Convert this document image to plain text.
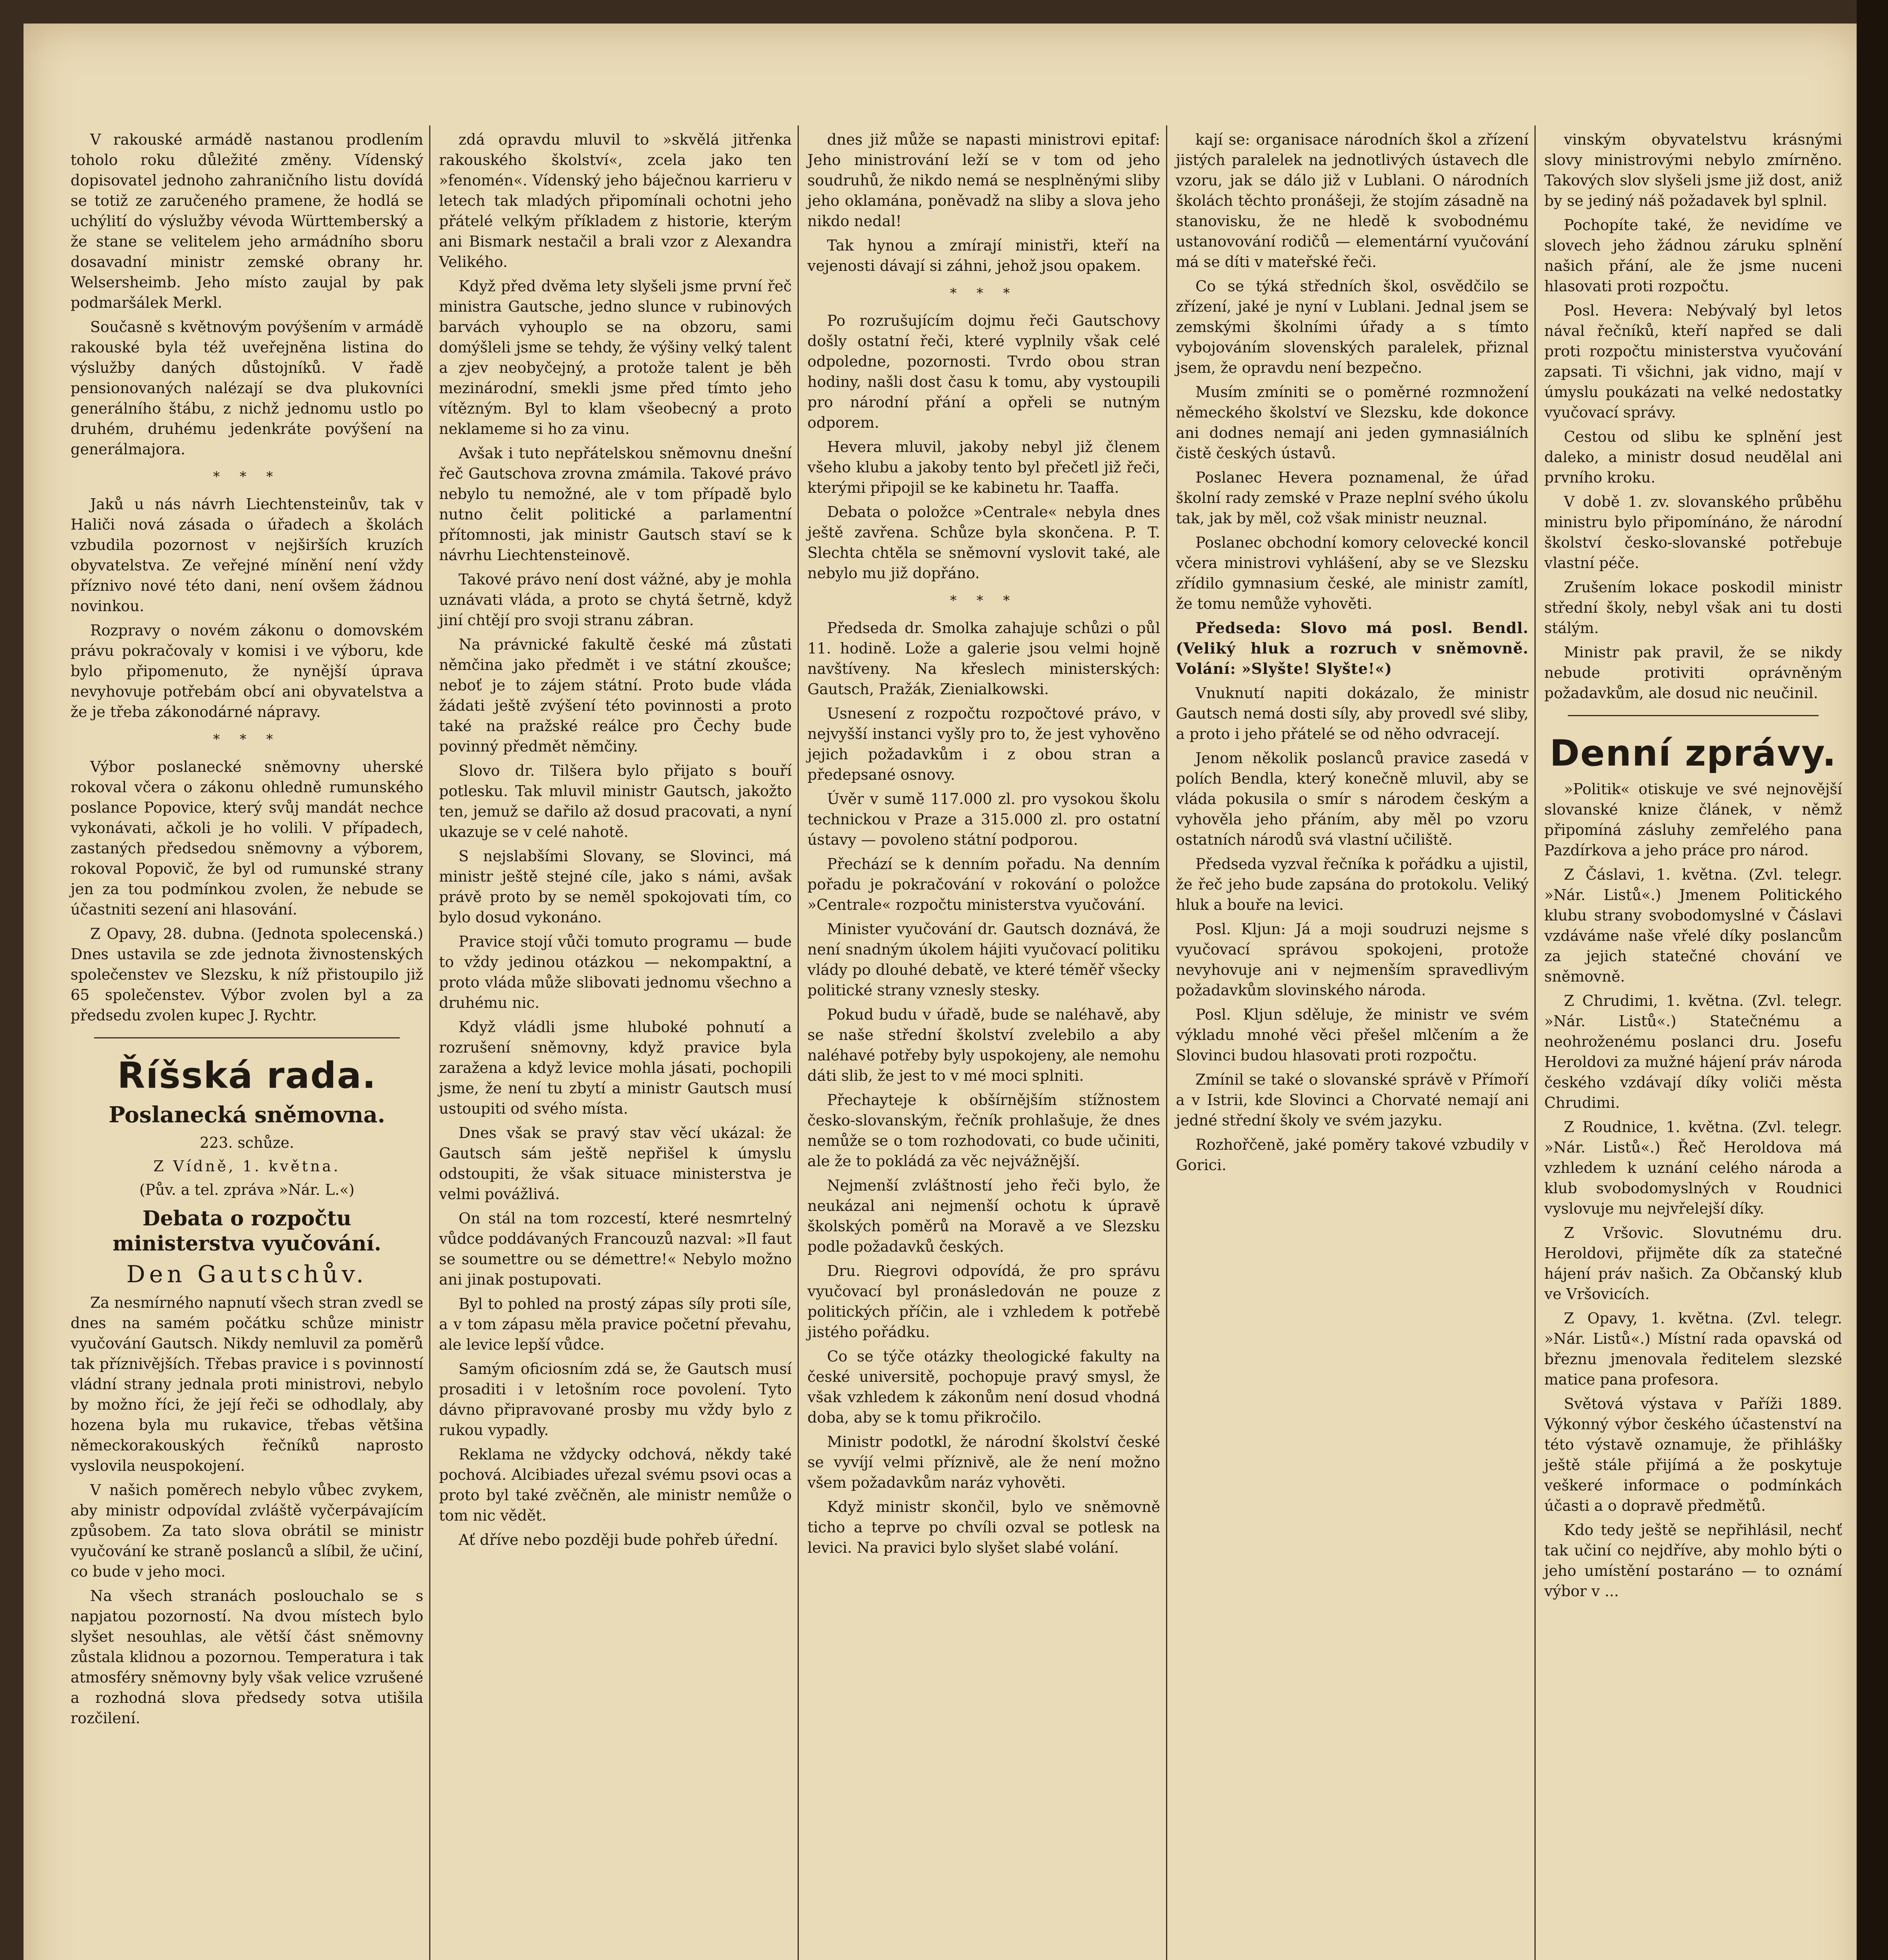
V rakouské armádě nastanou prodlením toholo roku důležité změny. Vídenský dopisovatel jednoho zahraničního listu dovídá se totiž ze zaručeného pramene, že hodlá se uchýlití do výslužby vévoda Württemberský a že stane se velitelem jeho armádního sboru dosavadní ministr zemské obrany hr. Welsersheimb. Jeho místo zaujal by pak podmaršálek Merkl.

Současně s květnovým povýšením v armádě rakouské byla též uveřejněna listina do výslužby daných důstojníků. V řadě pensionovaných nalézají se dva plukovníci generálního štábu, z nichž jednomu ustlo po druhém, druhému jedenkráte povýšení na generálmajora.

* * *

Jaků u nás návrh Liechtensteinův, tak v Haliči nová zásada o úřadech a školách vzbudila pozornost v nejširších kruzích obyvatelstva. Ze veřejné mínění není vždy příznivo nové této dani, není ovšem žádnou novinkou.

Rozpravy o novém zákonu o domovském právu pokračovaly v komisi i ve výboru, kde bylo připomenuto, že nynější úprava nevyhovuje potřebám obcí ani obyvatelstva a že je třeba zákonodárné nápravy.

* * *

Výbor poslanecké sněmovny uherské rokoval včera o zákonu ohledně rumunského poslance Popovice, který svůj mandát nechce vykonávati, ačkoli je ho volili. V případech, zastaných předsedou sněmovny a výborem, rokoval Popovič, že byl od rumunské strany jen za tou podmínkou zvolen, že nebude se účastniti sezení ani hlasování.

Z Opavy, 28. dubna. (Jednota spolecenská.) Dnes ustavila se zde jednota živnostenských společenstev ve Slezsku, k níž přistoupilo již 65 společenstev. Výbor zvolen byl a za předsedu zvolen kupec J. Rychtr.

Říšská rada.
Poslanecká sněmovna.
223. schůze.
Z Vídně, 1. května.
(Pův. a tel. zpráva »Nár. L.«)
Debata o rozpočtu ministerstva vyučování.
Den Gautschův.

Za nesmírného napnutí všech stran zvedl se dnes na samém počátku schůze ministr vyučování Gautsch. Nikdy nemluvil za poměrů tak příznivějších. Třebas pravice i s povinností vládní strany jednala proti ministrovi, nebylo by možno říci, že její řeči se odhodlaly, aby hozena byla mu rukavice, třebas většina německorakouských řečníků naprosto vyslovila neuspokojení.

V našich poměrech nebylo vůbec zvykem, aby ministr odpovídal zvláště vyčerpávajícím způsobem. Za tato slova obrátil se ministr vyučování ke straně poslanců a slíbil, že učiní, co bude v jeho moci.

Na všech stranách poslouchalo se s napjatou pozorností. Na dvou místech bylo slyšet nesouhlas, ale větší část sněmovny zůstala klidnou a pozornou. Temperatura i tak atmosféry sněmovny byly však velice vzrušené a rozhodná slova předsedy sotva utišila rozčilení.

zdá opravdu mluvil to »skvělá jitřenka rakouského školství«, zcela jako ten »fenomén«. Vídenský jeho báječnou karrieru v letech tak mladých připomínali ochotni jeho přátelé velkým příkladem z historie, kterým ani Bismark nestačil a brali vzor z Alexandra Velikého.

Když před dvěma lety slyšeli jsme první řeč ministra Gautsche, jedno slunce v rubinových barvách vyhouplo se na obzoru, sami domýšleli jsme se tehdy, že výšiny velký talent a zjev neobyčejný, a protože talent je běh mezinárodní, smekli jsme před tímto jeho vítězným. Byl to klam všeobecný a proto neklameme si ho za vinu.

Avšak i tuto nepřátelskou sněmovnu dnešní řeč Gautschova zrovna zmámila. Takové právo nebylo tu nemožné, ale v tom případě bylo nutno čelit politické a parlamentní přítomnosti, jak ministr Gautsch staví se k návrhu Liechtensteinově.

Takové právo není dost vážné, aby je mohla uznávati vláda, a proto se chytá šetrně, když jiní chtějí pro svoji stranu zábran.

Na právnické fakultě české má zůstati němčina jako předmět i ve státní zkoušce; neboť je to zájem státní. Proto bude vláda žádati ještě zvýšení této povinnosti a proto také na pražské reálce pro Čechy bude povinný předmět němčiny.

Slovo dr. Tilšera bylo přijato s bouří potlesku. Tak mluvil ministr Gautsch, jakožto ten, jemuž se dařilo až dosud pracovati, a nyní ukazuje se v celé nahotě.

S nejslabšími Slovany, se Slovinci, má ministr ještě stejné cíle, jako s námi, avšak právě proto by se neměl spokojovati tím, co bylo dosud vykonáno.

Pravice stojí vůči tomuto programu — bude to vždy jedinou otázkou — nekompaktní, a proto vláda může slibovati jednomu všechno a druhému nic.

Když vládli jsme hluboké pohnutí a rozrušení sněmovny, když pravice byla zaražena a když levice mohla jásati, pochopili jsme, že není tu zbytí a ministr Gautsch musí ustoupiti od svého místa.

Dnes však se pravý stav věcí ukázal: že Gautsch sám ještě nepřišel k úmyslu odstoupiti, že však situace ministerstva je velmi povážlivá.

On stál na tom rozcestí, které nesmrtelný vůdce poddávaných Francouzů nazval: »Il faut se soumettre ou se démettre!« Nebylo možno ani jinak postupovati.

Byl to pohled na prostý zápas síly proti síle, a v tom zápasu měla pravice početní převahu, ale levice lepší vůdce.

Samým oficiosním zdá se, že Gautsch musí prosaditi i v letošním roce povolení. Tyto dávno připravované prosby mu vždy bylo z rukou vypadly.

Reklama ne vždycky odchová, někdy také pochová. Alcibiades uřezal svému psovi ocas a proto byl také zvěčněn, ale ministr nemůže o tom nic vědět.

Ať dříve nebo později bude pohřeb úřední.

dnes již může se napasti ministrovi epitaf: Jeho ministrování leží se v tom od jeho soudruhů, že nikdo nemá se nesplněnými sliby jeho oklamána, poněvadž na sliby a slova jeho nikdo nedal!

Tak hynou a zmírají ministři, kteří na vejenosti dávají si záhni, jehož jsou opakem.

* * *

Po rozrušujícím dojmu řeči Gautschovy došly ostatní řeči, které vyplnily však celé odpoledne, pozornosti. Tvrdo obou stran hodiny, našli dost času k tomu, aby vystoupili pro národní přání a opřeli se nutným odporem.

Hevera mluvil, jakoby nebyl již členem všeho klubu a jakoby tento byl přečetl již řeči, kterými připojil se ke kabinetu hr. Taaffa.

Debata o položce »Centrale« nebyla dnes ještě zavřena. Schůze byla skončena. P. T. Slechta chtěla se sněmovní vyslovit také, ale nebylo mu již dopřáno.

* * *

Předseda dr. Smolka zahajuje schůzi o půl 11. hodině. Lože a galerie jsou velmi hojně navštíveny. Na křeslech ministerských: Gautsch, Pražák, Zienialkowski.

Usnesení z rozpočtu rozpočtové právo, v nejvyšší instanci vyšly pro to, že jest vyhověno jejich požadavkům i z obou stran a předepsané osnovy.

Úvěr v sumě 117.000 zl. pro vysokou školu technickou v Praze a 315.000 zl. pro ostatní ústavy — povoleno státní podporou.

Přechází se k denním pořadu. Na denním pořadu je pokračování v rokování o položce »Centrale« rozpočtu ministerstva vyučování.

Minister vyučování dr. Gautsch doznává, že není snadným úkolem hájiti vyučovací politiku vlády po dlouhé debatě, ve které téměř všecky politické strany vznesly stesky.

Pokud budu v úřadě, bude se naléhavě, aby se naše střední školství zvelebilo a aby naléhavé potřeby byly uspokojeny, ale nemohu dáti slib, že jest to v mé moci splniti.

Přechayteje k obšírnějším stížnostem česko-slovanským, řečník prohlašuje, že dnes nemůže se o tom rozhodovati, co bude učiniti, ale že to pokládá za věc nejvážnější.

Nejmenší zvláštností jeho řeči bylo, že neukázal ani nejmenší ochotu k úpravě školských poměrů na Moravě a ve Slezsku podle požadavků českých.

Dru. Riegrovi odpovídá, že pro správu vyučovací byl pronásledován ne pouze z politických příčin, ale i vzhledem k potřebě jistého pořádku.

Co se týče otázky theologické fakulty na české universitě, pochopuje pravý smysl, že však vzhledem k zákonům není dosud vhodná doba, aby se k tomu přikročilo.

Ministr podotkl, že národní školství české se vyvíjí velmi příznivě, ale že není možno všem požadavkům naráz vyhověti.

Když ministr skončil, bylo ve sněmovně ticho a teprve po chvíli ozval se potlesk na levici. Na pravici bylo slyšet slabé volání.

kají se: organisace národních škol a zřízení jistých paralelek na jednotlivých ústavech dle vzoru, jak se dálo již v Lublani. O národních školách těchto pronášeji, že stojím zásadně na stanovisku, že ne hledě k svobodnému ustanovování rodičů — elementární vyučování má se díti v mateřské řeči.

Co se týká středních škol, osvědčilo se zřízení, jaké je nyní v Lublani. Jednal jsem se zemskými školními úřady a s tímto vybojováním slovenských paralelek, přiznal jsem, že opravdu není bezpečno.

Musím zmíniti se o poměrné rozmnožení německého školství ve Slezsku, kde dokonce ani dodnes nemají ani jeden gymnasiálních čistě českých ústavů.

Poslanec Hevera poznamenal, že úřad školní rady zemské v Praze neplní svého úkolu tak, jak by měl, což však ministr neuznal.

Poslanec obchodní komory celovecké koncil včera ministrovi vyhlášení, aby se ve Slezsku zřídilo gymnasium české, ale ministr zamítl, že tomu nemůže vyhověti.

Předseda: Slovo má posl. Bendl. (Veliký hluk a rozruch v sněmovně. Volání: »Slyšte! Slyšte!«)

Vnuknutí napiti dokázalo, že ministr Gautsch nemá dosti síly, aby provedl své sliby, a proto i jeho přátelé se od něho odvracejí.

Jenom několik poslanců pravice zasedá v polích Bendla, který konečně mluvil, aby se vláda pokusila o smír s národem českým a vyhověla jeho přáním, aby měl po vzoru ostatních národů svá vlastní učiliště.

Předseda vyzval řečníka k pořádku a ujistil, že řeč jeho bude zapsána do protokolu. Veliký hluk a bouře na levici.

Posl. Kljun: Já a moji soudruzi nejsme s vyučovací správou spokojeni, protože nevyhovuje ani v nejmenším spravedlivým požadavkům slovinského národa.

Posl. Kljun sděluje, že ministr ve svém výkladu mnohé věci přešel mlčením a že Slovinci budou hlasovati proti rozpočtu.

Zmínil se také o slovanské správě v Přímoří a v Istrii, kde Slovinci a Chorvaté nemají ani jedné střední školy ve svém jazyku.

Rozhořčeně, jaké poměry takové vzbudily v Gorici.

vinským obyvatelstvu krásnými slovy ministrovými nebylo zmírněno. Takových slov slyšeli jsme již dost, aniž by se jediný náš požadavek byl splnil.

Pochopíte také, že nevidíme ve slovech jeho žádnou záruku splnění našich přání, ale že jsme nuceni hlasovati proti rozpočtu.

Posl. Hevera: Nebývalý byl letos nával řečníků, kteří napřed se dali proti rozpočtu ministerstva vyučování zapsati. Ti všichni, jak vidno, mají v úmyslu poukázati na velké nedostatky vyučovací správy.

Cestou od slibu ke splnění jest daleko, a ministr dosud neudělal ani prvního kroku.

V době 1. zv. slovanského průběhu ministru bylo připomínáno, že národní školství česko-slovanské potřebuje vlastní péče.

Zrušením lokace poskodil ministr střední školy, nebyl však ani tu dosti stálým.

Ministr pak pravil, že se nikdy nebude protiviti oprávněným požadavkům, ale dosud nic neučinil.

Denní zprávy.

»Politik« otiskuje ve své nejnovější slovanské knize článek, v němž připomíná zásluhy zemřelého pana Pazdírkova a jeho práce pro národ.

Z Čáslavi, 1. května. (Zvl. telegr. »Nár. Listů«.) Jmenem Politického klubu strany svobodomyslné v Čáslavi vzdáváme naše vřelé díky poslancům za jejich statečné chování ve sněmovně.

Z Chrudimi, 1. května. (Zvl. telegr. »Nár. Listů«.) Statečnému a neohroženému poslanci dru. Josefu Heroldovi za mužné hájení práv národa českého vzdávají díky voliči města Chrudimi.

Z Roudnice, 1. května. (Zvl. telegr. »Nár. Listů«.) Řeč Heroldova má vzhledem k uznání celého národa a klub svobodomyslných v Roudnici vyslovuje mu nejvřelejší díky.

Z Vršovic. Slovutnému dru. Heroldovi, přijměte dík za statečné hájení práv našich. Za Občanský klub ve Vršovicích.

Z Opavy, 1. května. (Zvl. telegr. »Nár. Listů«.) Místní rada opavská od březnu jmenovala ředitelem slezské matice pana profesora.

Světová výstava v Paříži 1889. Výkonný výbor českého účastenství na této výstavě oznamuje, že přihlášky ještě stále přijímá a že poskytuje veškeré informace o podmínkách účasti a o dopravě předmětů.

Kdo tedy ještě se nepřihlásil, nechť tak učiní co nejdříve, aby mohlo býti o jeho umístění postaráno — to oznámí výbor v ...
